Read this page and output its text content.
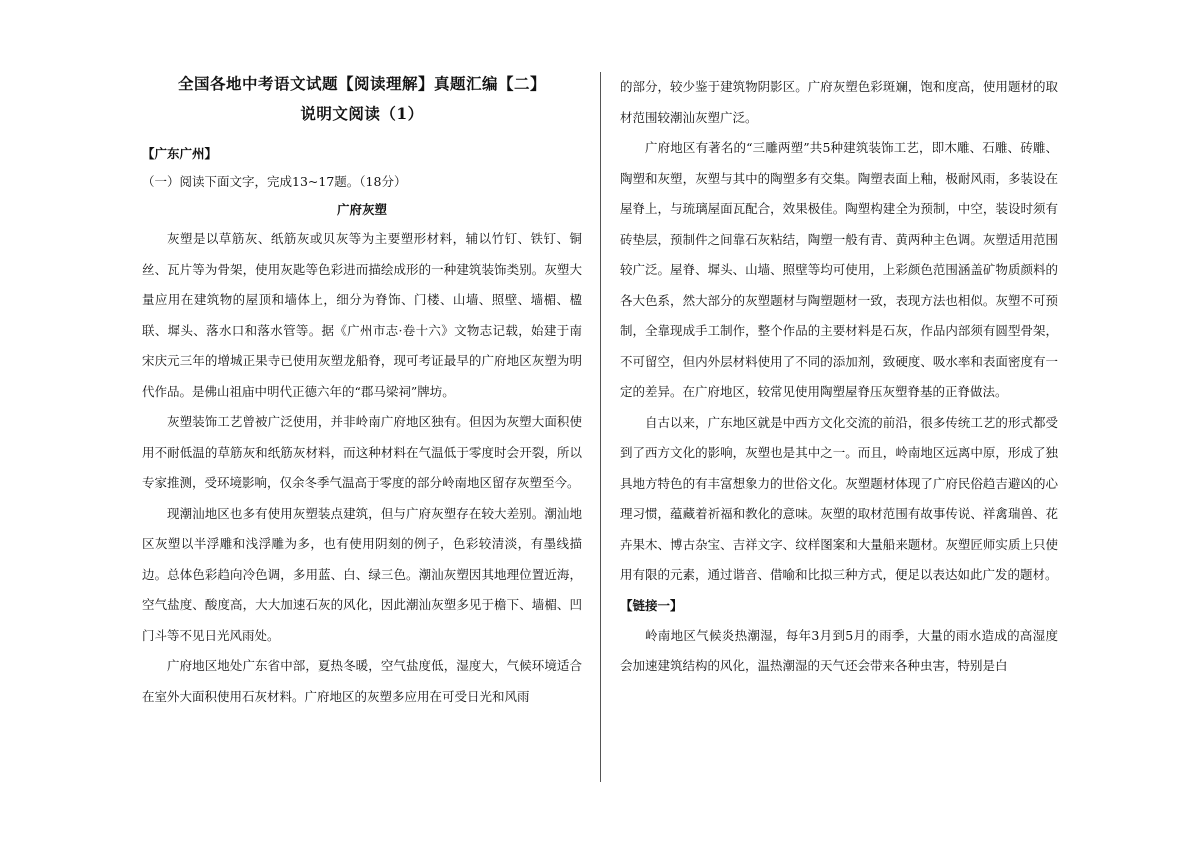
全国各地中考语文试题【阅读理解】真题汇编【二】
说明文阅读（1）
【广东广州】
（一）阅读下面文字，完成13~17题。（18分）
广府灰塑

灰塑是以草筋灰、纸筋灰或贝灰等为主要塑形材料，辅以竹钉、铁钉、铜丝、瓦片等为骨架，使用灰匙等色彩进而描绘成形的一种建筑装饰类别。灰塑大量应用在建筑物的屋顶和墙体上，细分为脊饰、门楼、山墙、照壁、墙楣、楹联、墀头、落水口和落水管等。据《广州市志·卷十六》文物志记载，始建于南宋庆元三年的增城正果寺已使用灰塑龙船脊，现可考证最早的广府地区灰塑为明代作品。是佛山祖庙中明代正德六年的“郡马梁祠”牌坊。

灰塑装饰工艺曾被广泛使用，并非岭南广府地区独有。但因为灰塑大面积使用不耐低温的草筋灰和纸筋灰材料，而这种材料在气温低于零度时会开裂，所以专家推测，受环境影响，仅余冬季气温高于零度的部分岭南地区留存灰塑至今。

现潮汕地区也多有使用灰塑装点建筑，但与广府灰塑存在较大差别。潮汕地区灰塑以半浮雕和浅浮雕为多，也有使用阴刻的例子，色彩较清淡，有墨线描边。总体色彩趋向冷色调，多用蓝、白、绿三色。潮汕灰塑因其地理位置近海，空气盐度、酸度高，大大加速石灰的风化，因此潮汕灰塑多见于檐下、墙楣、凹门斗等不见日光风雨处。

广府地区地处广东省中部，夏热冬暖，空气盐度低，湿度大，气候环境适合在室外大面积使用石灰材料。广府地区的灰塑多应用在可受日光和风雨

的部分，较少鉴于建筑物阴影区。广府灰塑色彩斑斓，饱和度高，使用题材的取材范围较潮汕灰塑广泛。

广府地区有著名的“三雕两塑”共5种建筑装饰工艺，即木雕、石雕、砖雕、陶塑和灰塑，灰塑与其中的陶塑多有交集。陶塑表面上釉，极耐风雨，多装设在屋脊上，与琉璃屋面瓦配合，效果极佳。陶塑构建全为预制，中空，装设时须有砖垫层，预制件之间靠石灰粘结，陶塑一般有青、黄两种主色调。灰塑适用范围较广泛。屋脊、墀头、山墙、照壁等均可使用，上彩颜色范围涵盖矿物质颜料的各大色系，然大部分的灰塑题材与陶塑题材一致，表现方法也相似。灰塑不可预制，全靠现成手工制作，整个作品的主要材料是石灰，作品内部须有圆型骨架，不可留空，但内外层材料使用了不同的添加剂，致硬度、吸水率和表面密度有一定的差异。在广府地区，较常见使用陶塑屋脊压灰塑脊基的正脊做法。

自古以来，广东地区就是中西方文化交流的前沿，很多传统工艺的形式都受到了西方文化的影响，灰塑也是其中之一。而且，岭南地区远离中原，形成了独具地方特色的有丰富想象力的世俗文化。灰塑题材体现了广府民俗趋吉避凶的心理习惯，蕴藏着祈福和教化的意味。灰塑的取材范围有故事传说、祥禽瑞兽、花卉果木、博古杂宝、吉祥文字、纹样图案和大量船来题材。灰塑匠师实质上只使用有限的元素，通过谐音、借喻和比拟三种方式，便足以表达如此广发的题材。

【链接一】

岭南地区气候炎热潮湿，每年3月到5月的雨季，大量的雨水造成的高湿度会加速建筑结构的风化，温热潮湿的天气还会带来各种虫害，特别是白
